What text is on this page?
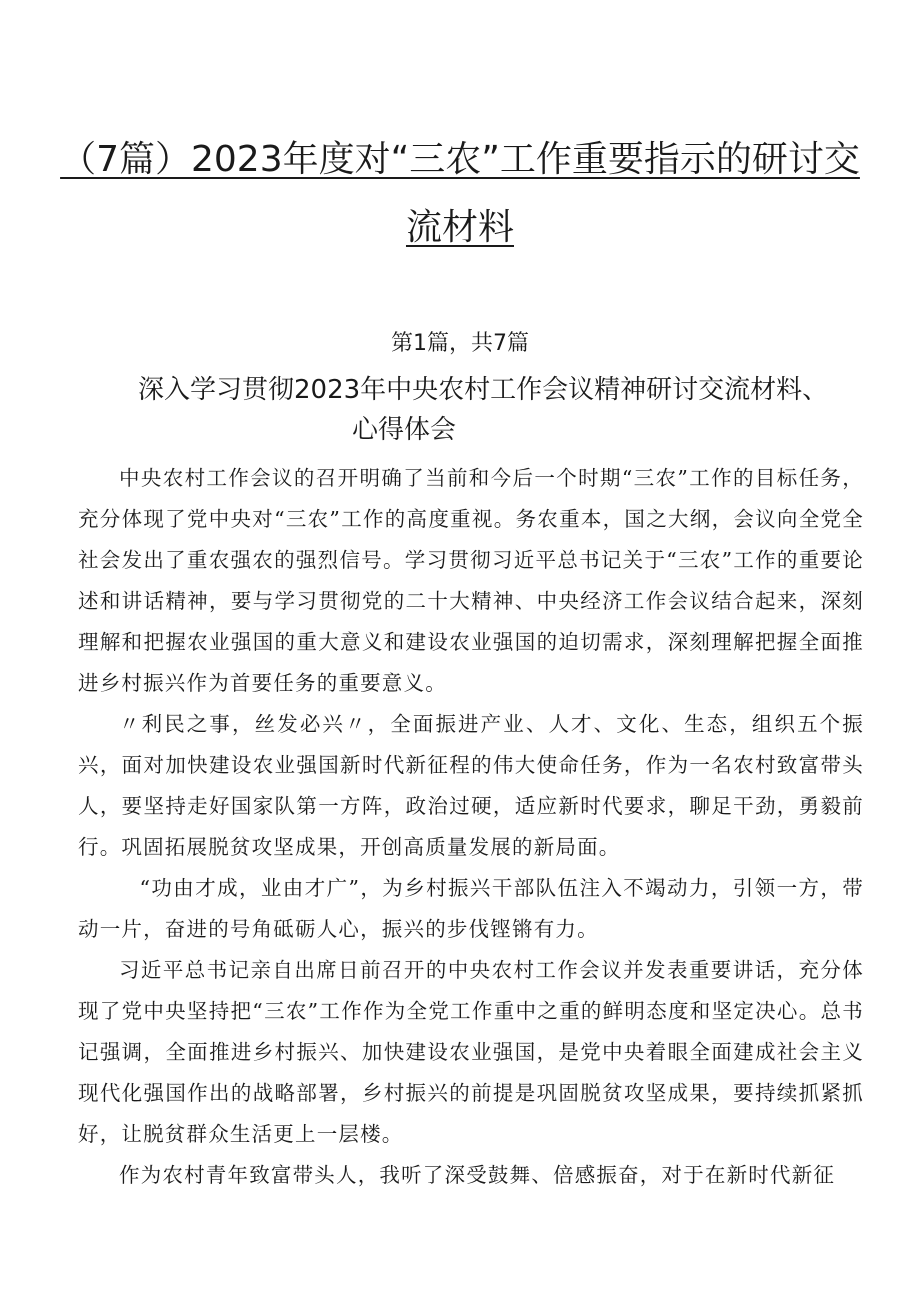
（7篇）2023年度对“三农”工作重要指示的研讨交
流材料
第1篇，共7篇
深入学习贯彻2023年中央农村工作会议精神研讨交流材料、
心得体会

中央农村工作会议的召开明确了当前和今后一个时期“三农”工作的目标任务，充分体现了党中央对“三农”工作的高度重视。务农重本，国之大纲，会议向全党全社会发出了重农强农的强烈信号。学习贯彻习近平总书记关于“三农”工作的重要论述和讲话精神，要与学习贯彻党的二十大精神、中央经济工作会议结合起来，深刻理解和把握农业强国的重大意义和建设农业强国的迫切需求，深刻理解把握全面推进乡村振兴作为首要任务的重要意义。

〃利民之事，丝发必兴〃，全面振进产业、人才、文化、生态，组织五个振兴，面对加快建设农业强国新时代新征程的伟大使命任务，作为一名农村致富带头人，要坚持走好国家队第一方阵，政治过硬，适应新时代要求，聊足干劲，勇毅前行。巩固拓展脱贫攻坚成果，开创高质量发展的新局面。

“功由才成，业由才广”，为乡村振兴干部队伍注入不竭动力，引领一方，带动一片，奋进的号角砥砺人心，振兴的步伐铿锵有力。

习近平总书记亲自出席日前召开的中央农村工作会议并发表重要讲话，充分体现了党中央坚持把“三农”工作作为全党工作重中之重的鲜明态度和坚定决心。总书记强调，全面推进乡村振兴、加快建设农业强国，是党中央着眼全面建成社会主义现代化强国作出的战略部署，乡村振兴的前提是巩固脱贫攻坚成果，要持续抓紧抓好，让脱贫群众生活更上一层楼。

作为农村青年致富带头人，我听了深受鼓舞、倍感振奋，对于在新时代新征
